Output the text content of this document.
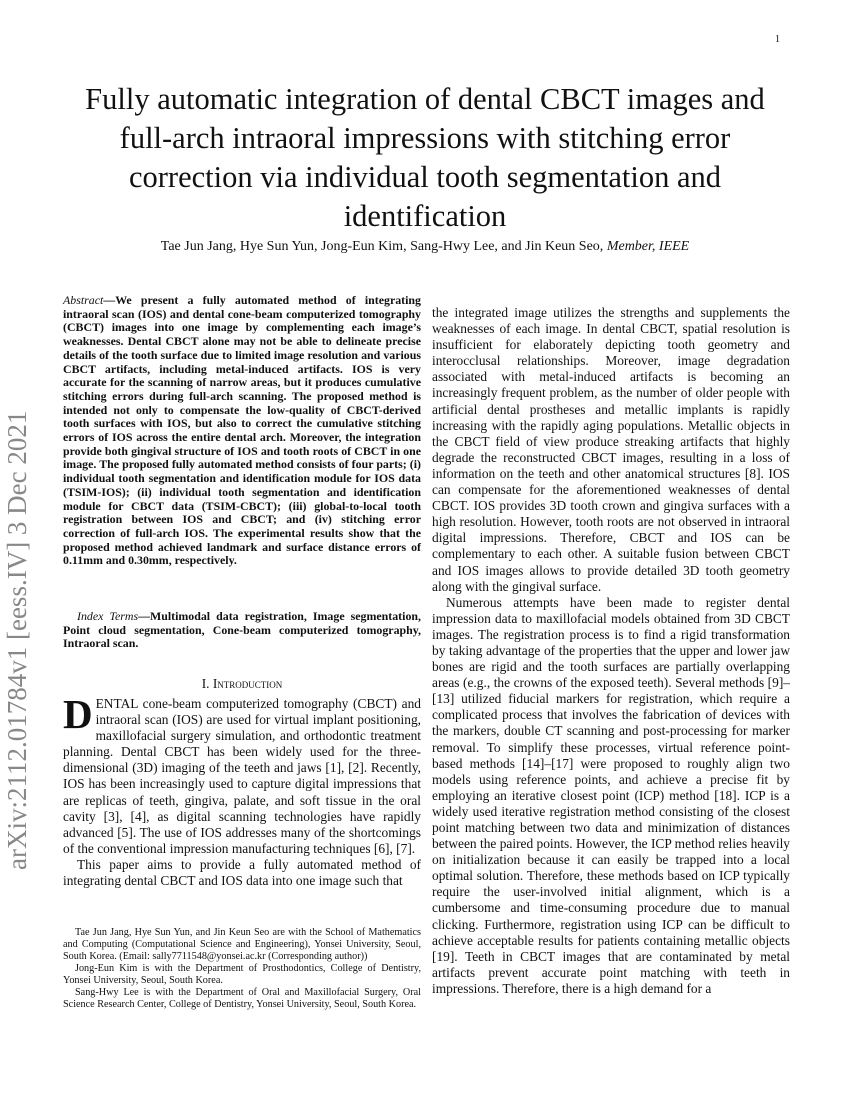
1
arXiv:2112.01784v1 [eess.IV] 3 Dec 2021
Fully automatic integration of dental CBCT images and full-arch intraoral impressions with stitching error correction via individual tooth segmentation and identification
Tae Jun Jang, Hye Sun Yun, Jong-Eun Kim, Sang-Hwy Lee, and Jin Keun Seo, Member, IEEE
Abstract—We present a fully automated method of integrating intraoral scan (IOS) and dental cone-beam computerized tomography (CBCT) images into one image by complementing each image’s weaknesses. Dental CBCT alone may not be able to delineate precise details of the tooth surface due to limited image resolution and various CBCT artifacts, including metal-induced artifacts. IOS is very accurate for the scanning of narrow areas, but it produces cumulative stitching errors during full-arch scanning. The proposed method is intended not only to compensate the low-quality of CBCT-derived tooth surfaces with IOS, but also to correct the cumulative stitching errors of IOS across the entire dental arch. Moreover, the integration provide both gingival structure of IOS and tooth roots of CBCT in one image. The proposed fully automated method consists of four parts; (i) individual tooth segmentation and identification module for IOS data (TSIM-IOS); (ii) individual tooth segmentation and identification module for CBCT data (TSIM-CBCT); (iii) global-to-local tooth registration between IOS and CBCT; and (iv) stitching error correction of full-arch IOS. The experimental results show that the proposed method achieved landmark and surface distance errors of 0.11mm and 0.30mm, respectively.
Index Terms—Multimodal data registration, Image segmentation, Point cloud segmentation, Cone-beam computerized tomography, Intraoral scan.
I. Introduction

DENTAL cone-beam computerized tomography (CBCT) and intraoral scan (IOS) are used for virtual implant positioning, maxillofacial surgery simulation, and orthodontic treatment planning. Dental CBCT has been widely used for the three-dimensional (3D) imaging of the teeth and jaws [1], [2]. Recently, IOS has been increasingly used to capture digital impressions that are replicas of teeth, gingiva, palate, and soft tissue in the oral cavity [3], [4], as digital scanning technologies have rapidly advanced [5]. The use of IOS addresses many of the shortcomings of the conventional impression manufacturing techniques [6], [7].

This paper aims to provide a fully automated method of integrating dental CBCT and IOS data into one image such that

Tae Jun Jang, Hye Sun Yun, and Jin Keun Seo are with the School of Mathematics and Computing (Computational Science and Engineering), Yonsei University, Seoul, South Korea. (Email: sally7711548@yonsei.ac.kr (Corresponding author))

Jong-Eun Kim is with the Department of Prosthodontics, College of Dentistry, Yonsei University, Seoul, South Korea.

Sang-Hwy Lee is with the Department of Oral and Maxillofacial Surgery, Oral Science Research Center, College of Dentistry, Yonsei University, Seoul, South Korea.

the integrated image utilizes the strengths and supplements the weaknesses of each image. In dental CBCT, spatial resolution is insufficient for elaborately depicting tooth geometry and interocclusal relationships. Moreover, image degradation associated with metal-induced artifacts is becoming an increasingly frequent problem, as the number of older people with artificial dental prostheses and metallic implants is rapidly increasing with the rapidly aging populations. Metallic objects in the CBCT field of view produce streaking artifacts that highly degrade the reconstructed CBCT images, resulting in a loss of information on the teeth and other anatomical structures [8]. IOS can compensate for the aforementioned weaknesses of dental CBCT. IOS provides 3D tooth crown and gingiva surfaces with a high resolution. However, tooth roots are not observed in intraoral digital impressions. Therefore, CBCT and IOS can be complementary to each other. A suitable fusion between CBCT and IOS images allows to provide detailed 3D tooth geometry along with the gingival surface.

Numerous attempts have been made to register dental impression data to maxillofacial models obtained from 3D CBCT images. The registration process is to find a rigid transformation by taking advantage of the properties that the upper and lower jaw bones are rigid and the tooth surfaces are partially overlapping areas (e.g., the crowns of the exposed teeth). Several methods [9]–[13] utilized fiducial markers for registration, which require a complicated process that involves the fabrication of devices with the markers, double CT scanning and post-processing for marker removal. To simplify these processes, virtual reference point-based methods [14]–[17] were proposed to roughly align two models using reference points, and achieve a precise fit by employing an iterative closest point (ICP) method [18]. ICP is a widely used iterative registration method consisting of the closest point matching between two data and minimization of distances between the paired points. However, the ICP method relies heavily on initialization because it can easily be trapped into a local optimal solution. Therefore, these methods based on ICP typically require the user-involved initial alignment, which is a cumbersome and time-consuming procedure due to manual clicking. Furthermore, registration using ICP can be difficult to achieve acceptable results for patients containing metallic objects [19]. Teeth in CBCT images that are contaminated by metal artifacts prevent accurate point matching with teeth in impressions. Therefore, there is a high demand for a
